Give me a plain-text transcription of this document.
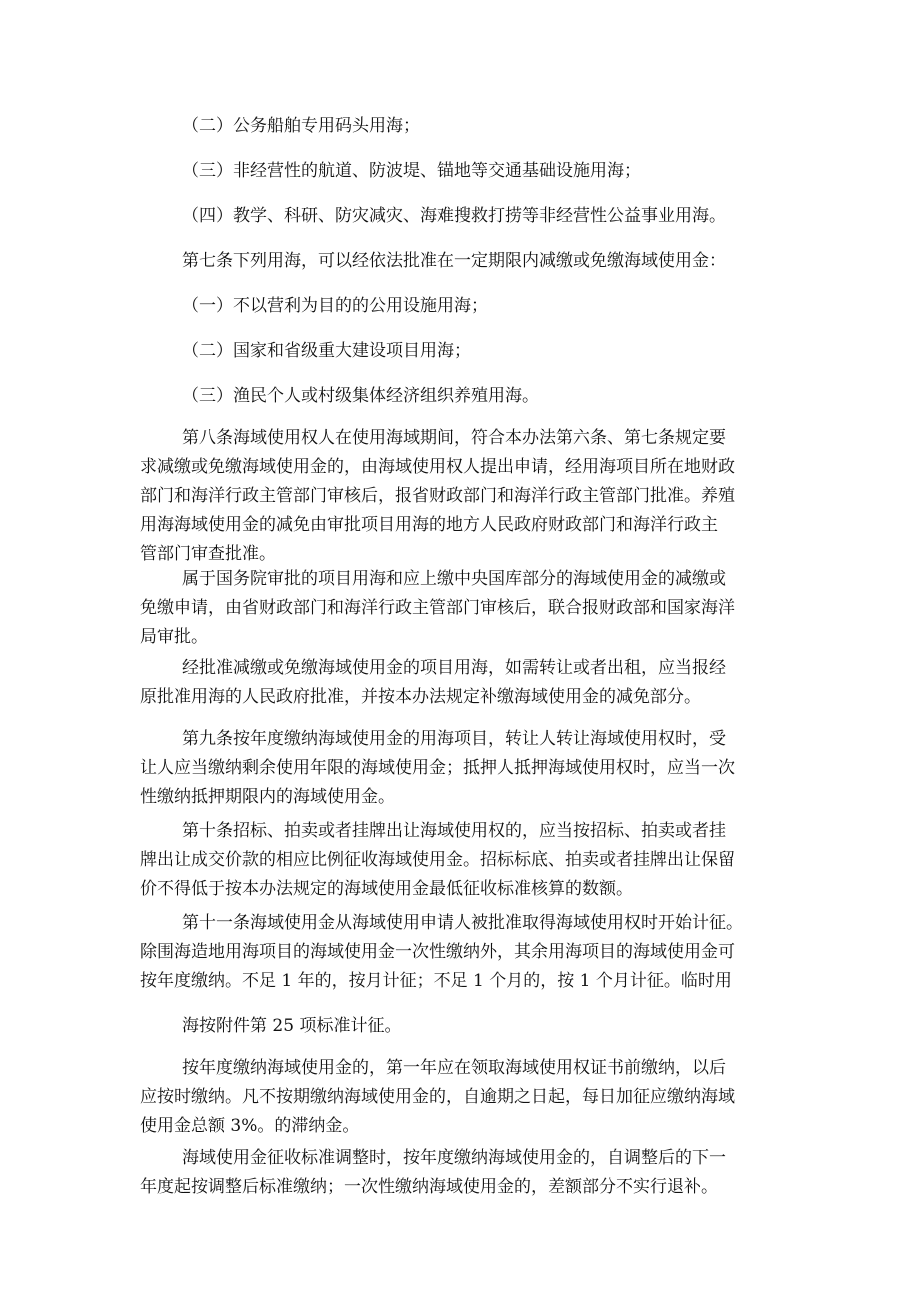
（二）公务船舶专用码头用海；

（三）非经营性的航道、防波堤、锚地等交通基础设施用海；

（四）教学、科研、防灾减灾、海难搜救打捞等非经营性公益事业用海。

第七条下列用海，可以经依法批准在一定期限内减缴或免缴海域使用金：

（一）不以营利为目的的公用设施用海；

（二）国家和省级重大建设项目用海；

（三）渔民个人或村级集体经济组织养殖用海。

第八条海域使用权人在使用海域期间，符合本办法第六条、第七条规定要
求减缴或免缴海域使用金的，由海域使用权人提出申请，经用海项目所在地财政
部门和海洋行政主管部门审核后，报省财政部门和海洋行政主管部门批准。养殖
用海海域使用金的减免由审批项目用海的地方人民政府财政部门和海洋行政主
管部门审查批准。
属于国务院审批的项目用海和应上缴中央国库部分的海域使用金的减缴或
免缴申请，由省财政部门和海洋行政主管部门审核后，联合报财政部和国家海洋
局审批。
经批准减缴或免缴海域使用金的项目用海，如需转让或者出租，应当报经
原批准用海的人民政府批准，并按本办法规定补缴海域使用金的减免部分。
第九条按年度缴纳海域使用金的用海项目，转让人转让海域使用权时，受
让人应当缴纳剩余使用年限的海域使用金；抵押人抵押海域使用权时，应当一次
性缴纳抵押期限内的海域使用金。
第十条招标、拍卖或者挂牌出让海域使用权的，应当按招标、拍卖或者挂
牌出让成交价款的相应比例征收海域使用金。招标标底、拍卖或者挂牌出让保留
价不得低于按本办法规定的海域使用金最低征收标准核算的数额。
第十一条海域使用金从海域使用申请人被批准取得海域使用权时开始计征。
除围海造地用海项目的海域使用金一次性缴纳外，其余用海项目的海域使用金可
按年度缴纳。不足 1 年的，按月计征；不足 1 个月的，按 1 个月计征。临时用

海按附件第 25 项标准计征。

按年度缴纳海域使用金的，第一年应在领取海域使用权证书前缴纳，以后
应按时缴纳。凡不按期缴纳海域使用金的，自逾期之日起，每日加征应缴纳海域
使用金总额 3%。的滞纳金。
海域使用金征收标准调整时，按年度缴纳海域使用金的，自调整后的下一
年度起按调整后标准缴纳；一次性缴纳海域使用金的，差额部分不实行退补。
